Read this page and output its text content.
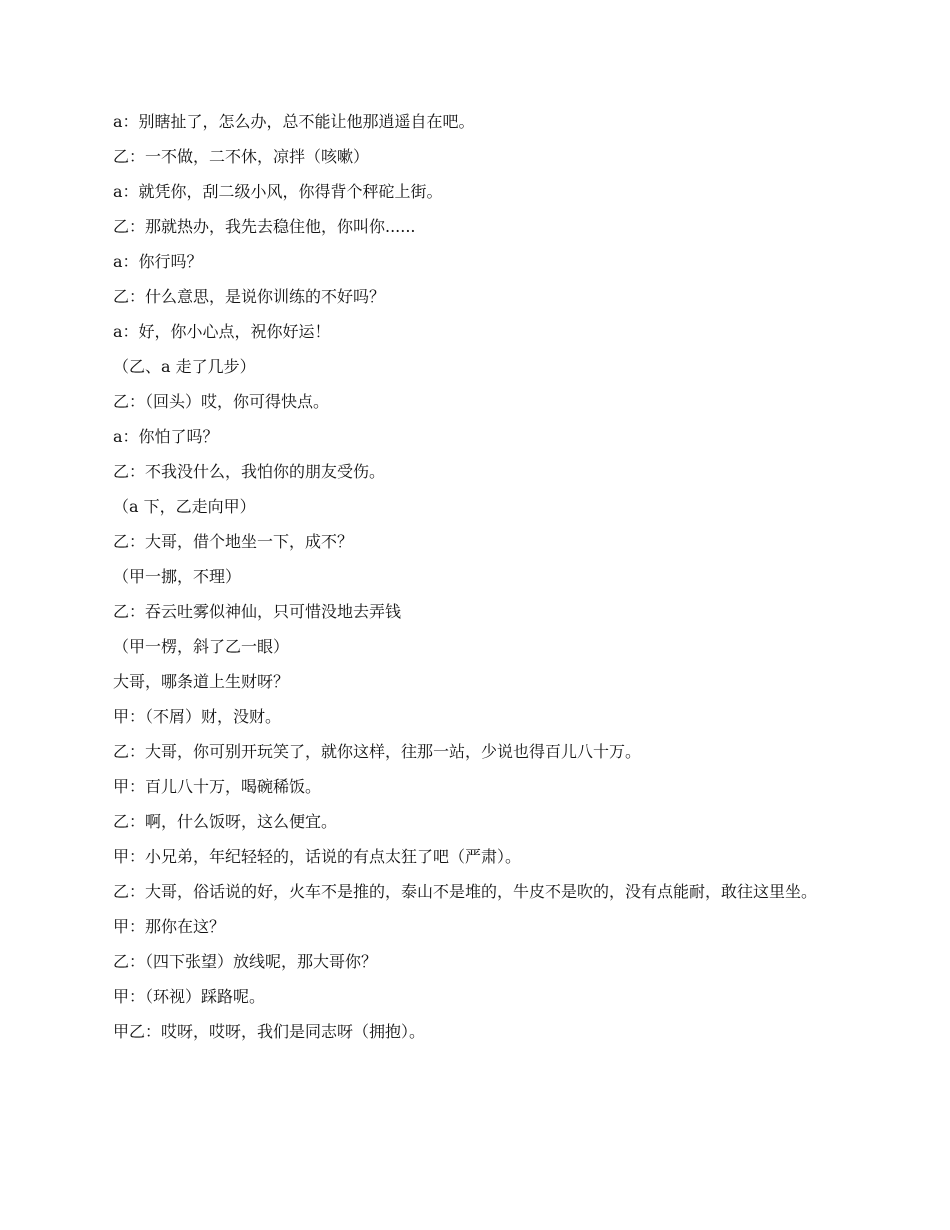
a：别瞎扯了，怎么办，总不能让他那逍遥自在吧。

乙：一不做，二不休，凉拌（咳嗽）

a：就凭你，刮二级小风，你得背个秤砣上街。

乙：那就热办，我先去稳住他，你叫你......

a：你行吗？

乙：什么意思，是说你训练的不好吗？

a：好，你小心点，祝你好运！

（乙、a 走了几步）

乙：（回头）哎，你可得快点。

a：你怕了吗？

乙：不我没什么，我怕你的朋友受伤。

（a 下，乙走向甲）

乙：大哥，借个地坐一下，成不？

（甲一挪，不理）

乙：吞云吐雾似神仙，只可惜没地去弄钱

（甲一楞，斜了乙一眼）

大哥，哪条道上生财呀？

甲：（不屑）财，没财。

乙：大哥，你可别开玩笑了，就你这样，往那一站，少说也得百儿八十万。

甲：百儿八十万，喝碗稀饭。

乙：啊，什么饭呀，这么便宜。

甲：小兄弟，年纪轻轻的，话说的有点太狂了吧（严肃）。

乙：大哥，俗话说的好，火车不是推的，泰山不是堆的，牛皮不是吹的，没有点能耐，敢往这里坐。

甲：那你在这？

乙：（四下张望）放线呢，那大哥你？

甲：（环视）踩路呢。

甲乙：哎呀，哎呀，我们是同志呀（拥抱）。
